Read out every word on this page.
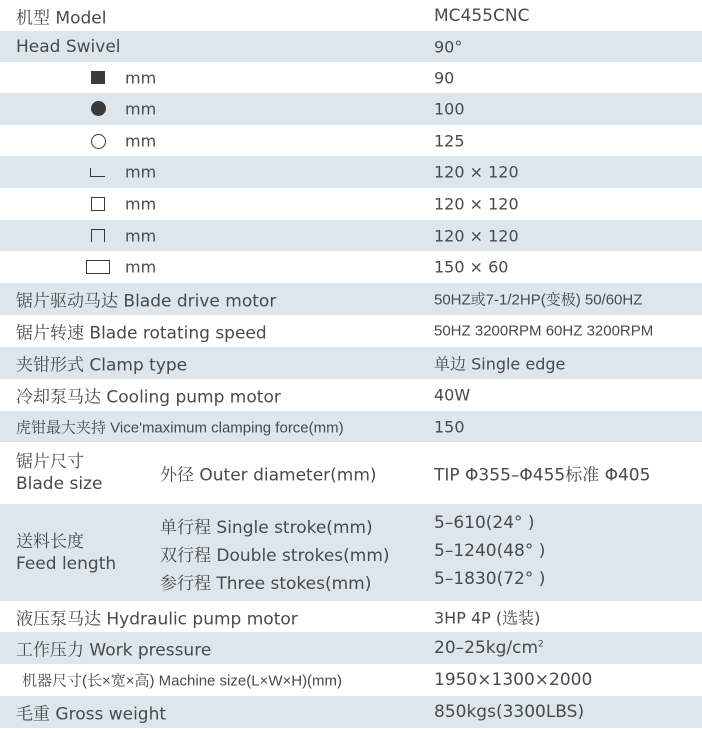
机型 Model	MC455CNC
Head Swivel	90°
mm	90
mm	100
mm	125
mm	120 × 120
mm	120 × 120
mm	120 × 120
mm	150 × 60
锯片驱动马达 Blade drive motor	50HZ或7-1/2HP(变极) 50/60HZ
锯片转速 Blade rotating speed	50HZ 3200RPM 60HZ 3200RPM
夹钳形式 Clamp type	单边 Single edge
冷却泵马达 Cooling pump motor	40W
虎钳最大夹持 Vice'maximum clamping force(mm)	150
锯片尺寸
Blade size	外径 Outer diameter(mm)	TIP Φ355–Φ455标准 Φ405
送料长度
Feed length
单行程 Single stroke(mm)	5–610(24° )
双行程 Double strokes(mm)	5–1240(48° )
参行程 Three stokes(mm)	5–1830(72° )
液压泵马达 Hydraulic pump motor	3HP 4P (选装)
工作压力 Work pressure	$20-25kg/cm^2$
机器尺寸(长×宽×高) Machine size(L×W×H)(mm)	1950×1300×2000
毛重 Gross weight	850kgs(3300LBS)
